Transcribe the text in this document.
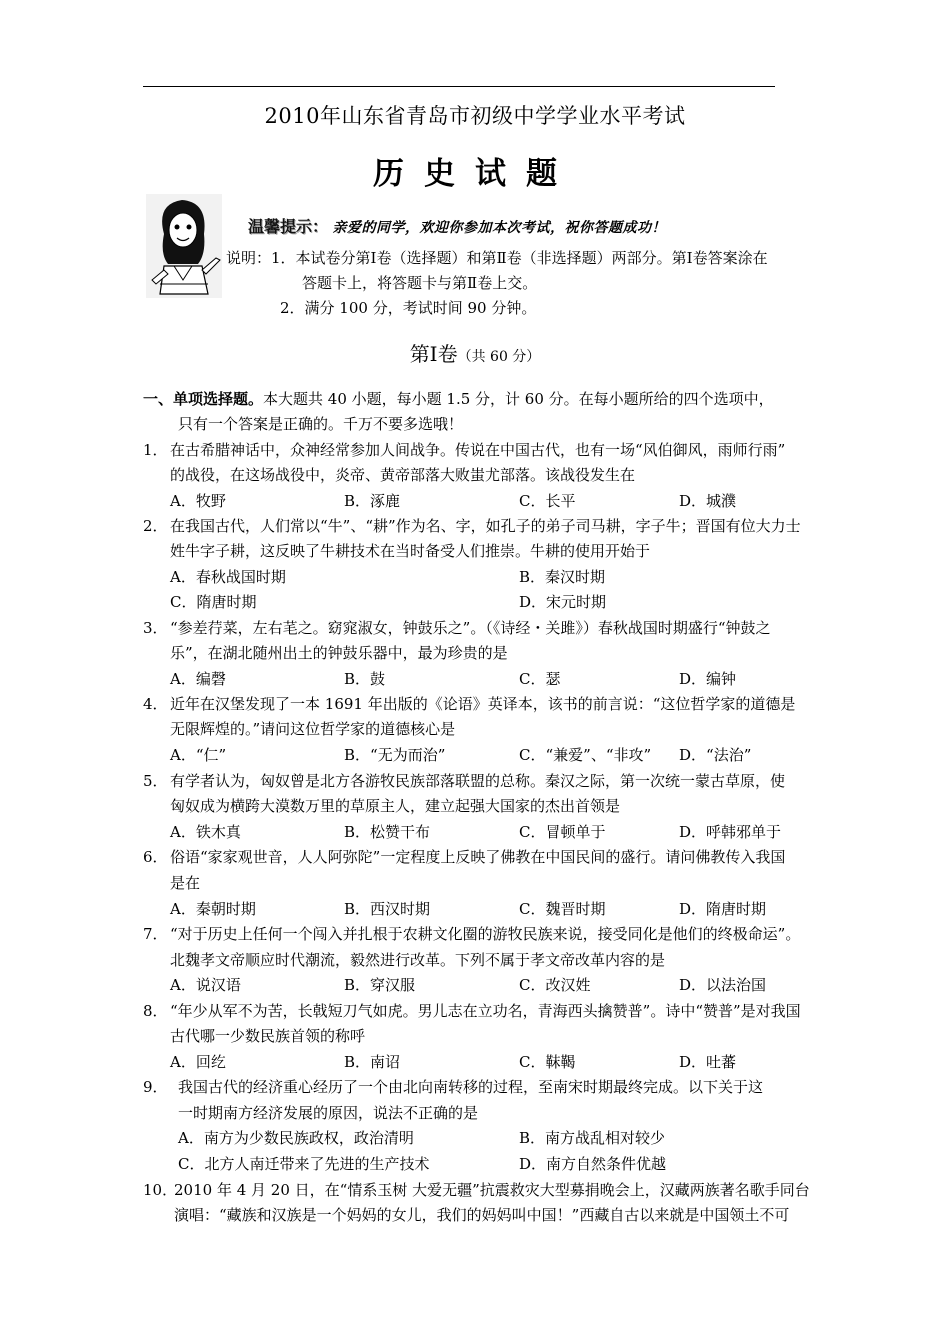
2010年山东省青岛市初级中学学业水平考试
历史试题
温馨提示： 亲爱的同学，欢迎你参加本次考试，祝你答题成功！
说明：1．本试卷分第Ⅰ卷（选择题）和第Ⅱ卷（非选择题）两部分。第Ⅰ卷答案涂在
答题卡上，将答题卡与第Ⅱ卷上交。
2．满分 100 分，考试时间 90 分钟。
第Ⅰ卷（共 60 分）
一、单项选择题。本大题共 40 小题，每小题 1.5 分，计 60 分。在每小题所给的四个选项中，
只有一个答案是正确的。千万不要多选哦！
1． 在古希腊神话中，众神经常参加人间战争。传说在中国古代，也有一场“风伯御风，雨师行雨”
的战役，在这场战役中，炎帝、黄帝部落大败蚩尤部落。该战役发生在
A．牧野	B．涿鹿	C．长平	D．城濮
2． 在我国古代，人们常以“牛”、“耕”作为名、字，如孔子的弟子司马耕，字子牛；晋国有位大力士
姓牛字子耕，这反映了牛耕技术在当时备受人们推崇。牛耕的使用开始于
A．春秋战国时期	B．秦汉时期
C．隋唐时期	D．宋元时期
3． “参差荇菜，左右芼之。窈窕淑女，钟鼓乐之”。（《诗经・关雎》）春秋战国时期盛行“钟鼓之
乐”，在湖北随州出土的钟鼓乐器中，最为珍贵的是
A．编磬	B．鼓	C．瑟	D．编钟
4． 近年在汉堡发现了一本 1691 年出版的《论语》英译本，该书的前言说：“这位哲学家的道德是
无限辉煌的。”请问这位哲学家的道德核心是
A．“仁”	B．“无为而治”	C．“兼爱”、“非攻” D．“法治”
5． 有学者认为，匈奴曾是北方各游牧民族部落联盟的总称。秦汉之际，第一次统一蒙古草原，使
匈奴成为横跨大漠数万里的草原主人，建立起强大国家的杰出首领是
A．铁木真	B．松赞干布	C．冒顿单于	D．呼韩邪单于
6． 俗语“家家观世音，人人阿弥陀”一定程度上反映了佛教在中国民间的盛行。请问佛教传入我国
是在
A．秦朝时期	B．西汉时期	C．魏晋时期	D．隋唐时期
7． “对于历史上任何一个闯入并扎根于农耕文化圈的游牧民族来说，接受同化是他们的终极命运”。
北魏孝文帝顺应时代潮流，毅然进行改革。下列不属于孝文帝改革内容的是
A．说汉语	B．穿汉服	C．改汉姓	D．以法治国
8． “年少从军不为苦，长戟短刀气如虎。男儿志在立功名，青海西头擒赞普”。诗中“赞普”是对我国
古代哪一少数民族首领的称呼
A．回纥	B．南诏	C．靺鞨	D．吐蕃
9． 我国古代的经济重心经历了一个由北向南转移的过程，至南宋时期最终完成。以下关于这
一时期南方经济发展的原因，说法不正确的是
A．南方为少数民族政权，政治清明	B．南方战乱相对较少
C．北方人南迁带来了先进的生产技术	D．南方自然条件优越
10．
2010 年 4 月 20 日，在“情系玉树 大爱无疆”抗震救灾大型募捐晚会上，汉藏两族著名歌手同台
演唱：“藏族和汉族是一个妈妈的女儿，我们的妈妈叫中国！”西藏自古以来就是中国领土不可
